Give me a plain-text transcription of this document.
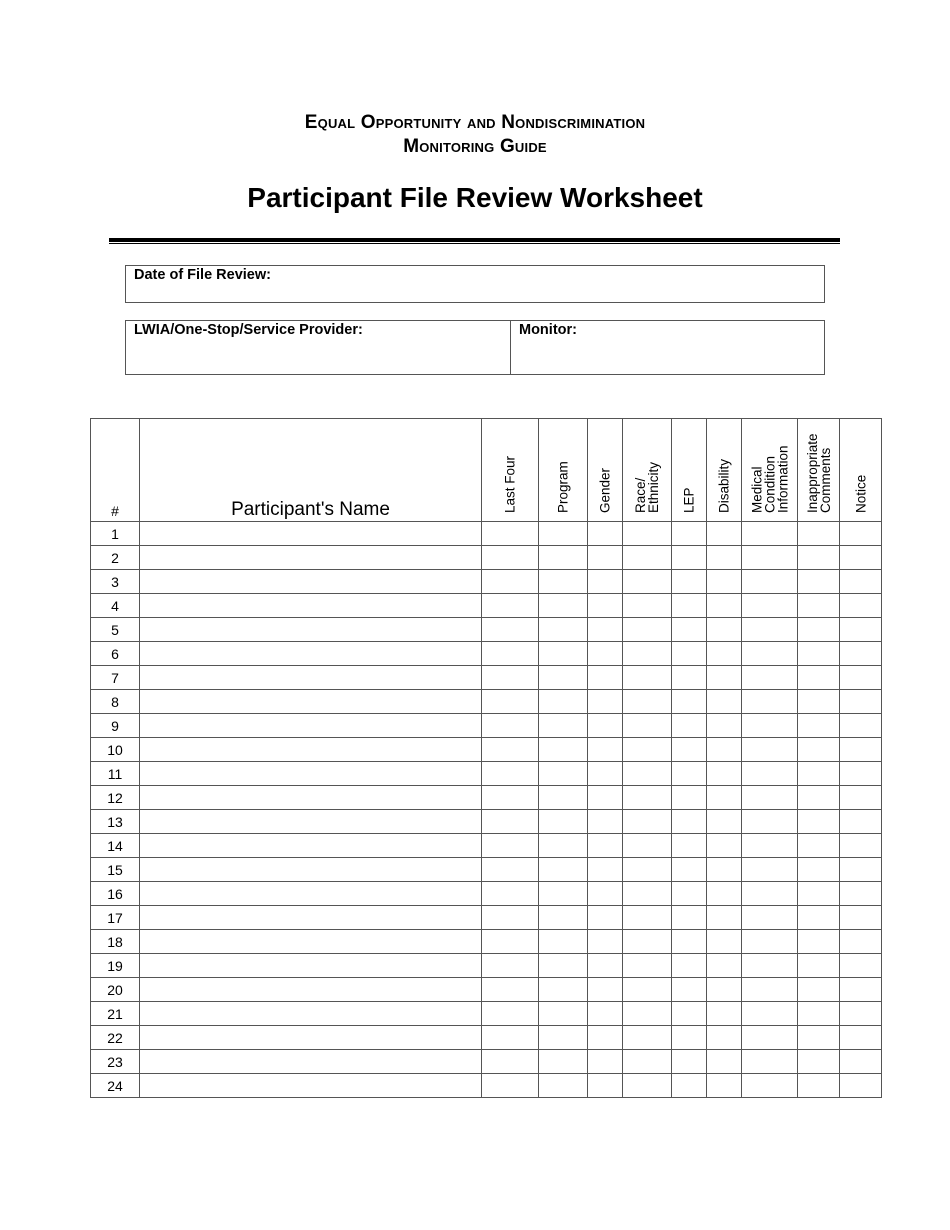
Equal Opportunity and Nondiscrimination
Monitoring Guide
Participant File Review Worksheet
Date of File Review:
LWIA/One-Stop/Service Provider:	Monitor:
#	Participant's Name	Last Four	Program	Gender	Race/
Ethnicity	LEP	Disability	Medical
Condition
Information	Inappropriate
Comments	Notice

1										
2										
3										
4										
5										
6										
7										
8										
9										
10										
11										
12										
13										
14										
15										
16										
17										
18										
19										
20										
21										
22										
23										
24										
